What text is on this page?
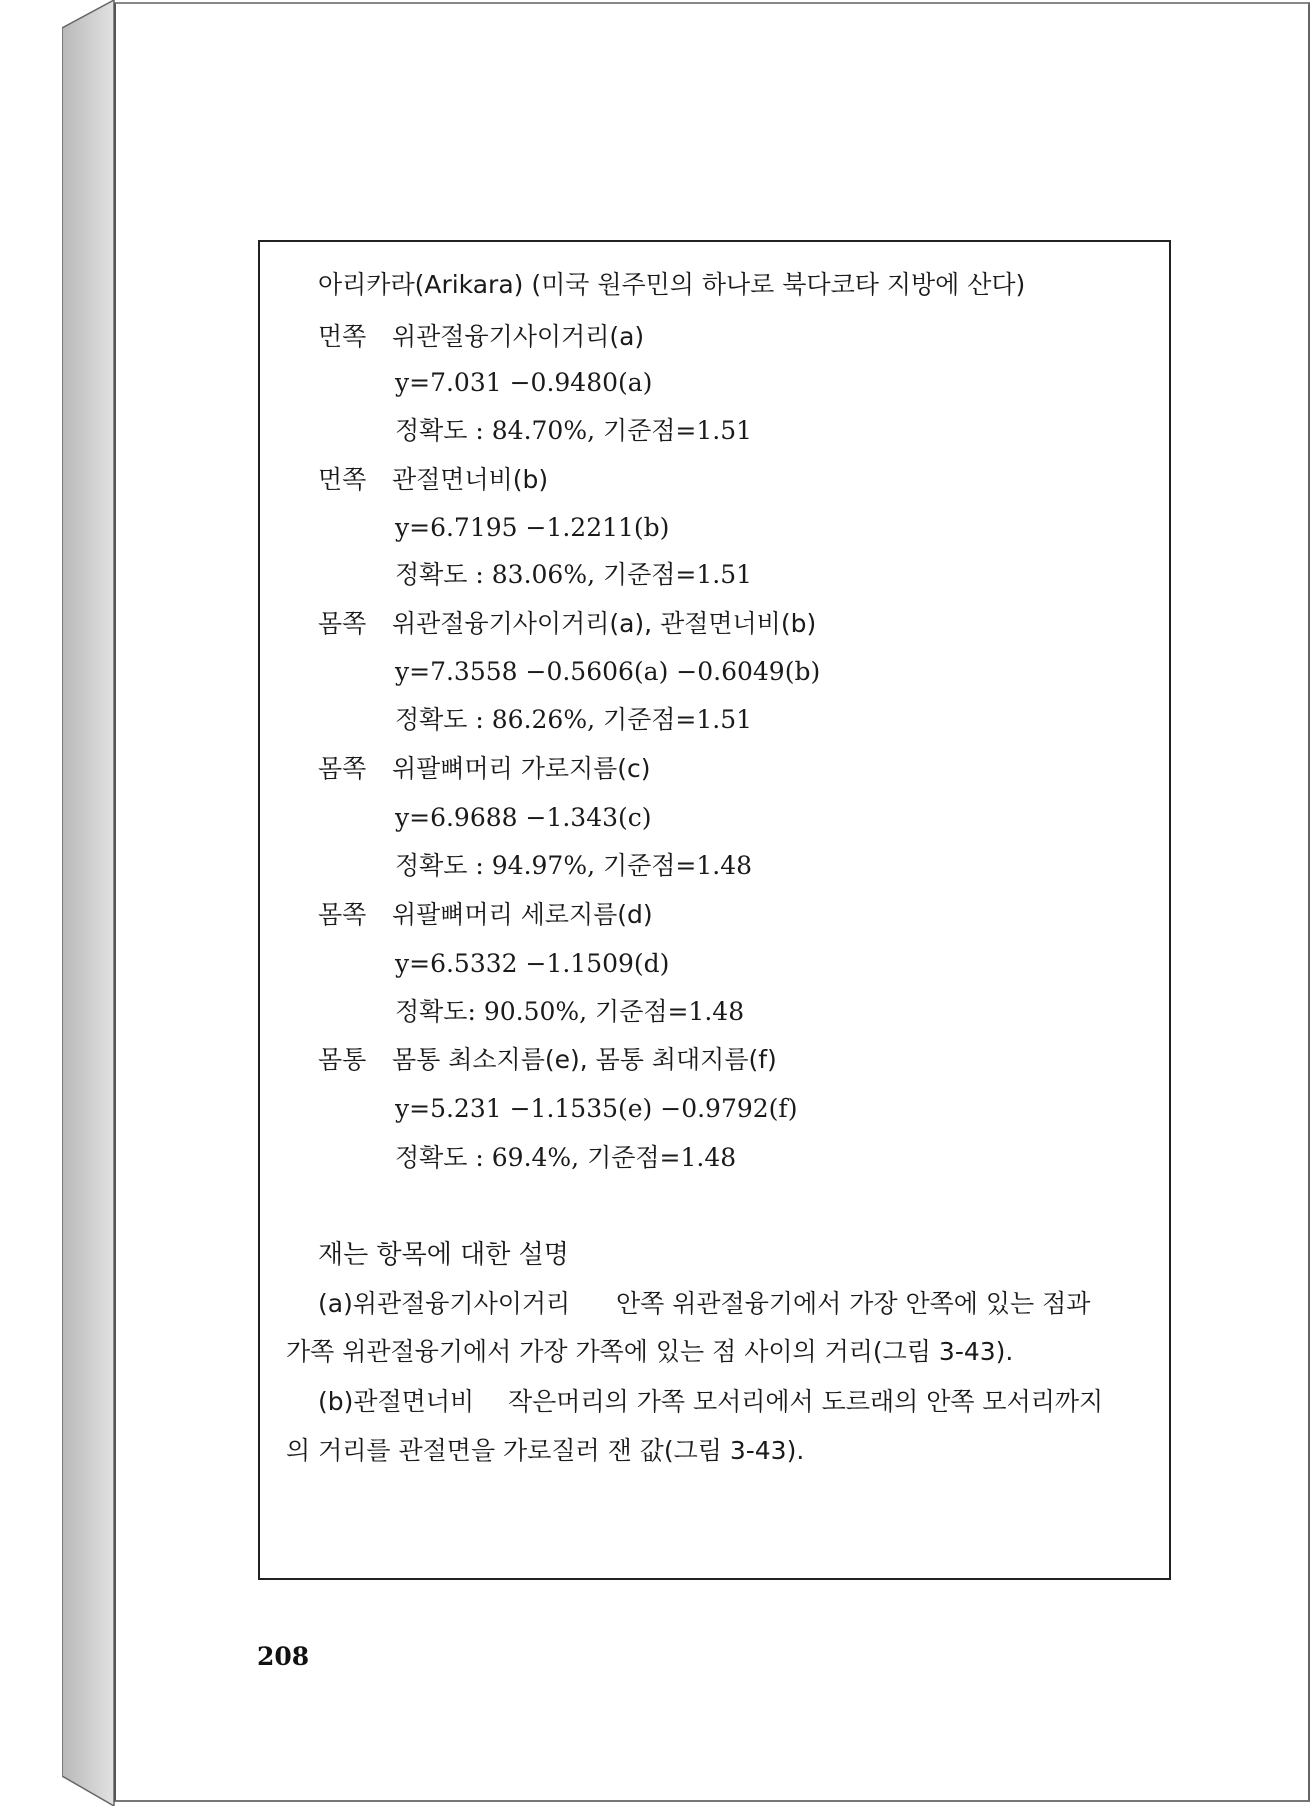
아리카라(Arikara) (미국 원주민의 하나로 북다코타 지방에 산다)
먼쪽 위관절융기사이거리(a)
y=7.031 −0.9480(a)
정확도 : 84.70%, 기준점=1.51
먼쪽 관절면너비(b)
y=6.7195 −1.2211(b)
정확도 : 83.06%, 기준점=1.51
몸쪽 위관절융기사이거리(a), 관절면너비(b)
y=7.3558 −0.5606(a) −0.6049(b)
정확도 : 86.26%, 기준점=1.51
몸쪽 위팔뼈머리 가로지름(c)
y=6.9688 −1.343(c)
정확도 : 94.97%, 기준점=1.48
몸쪽 위팔뼈머리 세로지름(d)
y=6.5332 −1.1509(d)
정확도: 90.50%, 기준점=1.48
몸통 몸통 최소지름(e), 몸통 최대지름(f)
y=5.231 −1.1535(e) −0.9792(f)
정확도 : 69.4%, 기준점=1.48
재는 항목에 대한 설명
(a)위관절융기사이거리 안쪽 위관절융기에서 가장 안쪽에 있는 점과
가쪽 위관절융기에서 가장 가쪽에 있는 점 사이의 거리(그림 3-43).
(b)관절면너비 작은머리의 가쪽 모서리에서 도르래의 안쪽 모서리까지
의 거리를 관절면을 가로질러 잰 값(그림 3-43).
208
